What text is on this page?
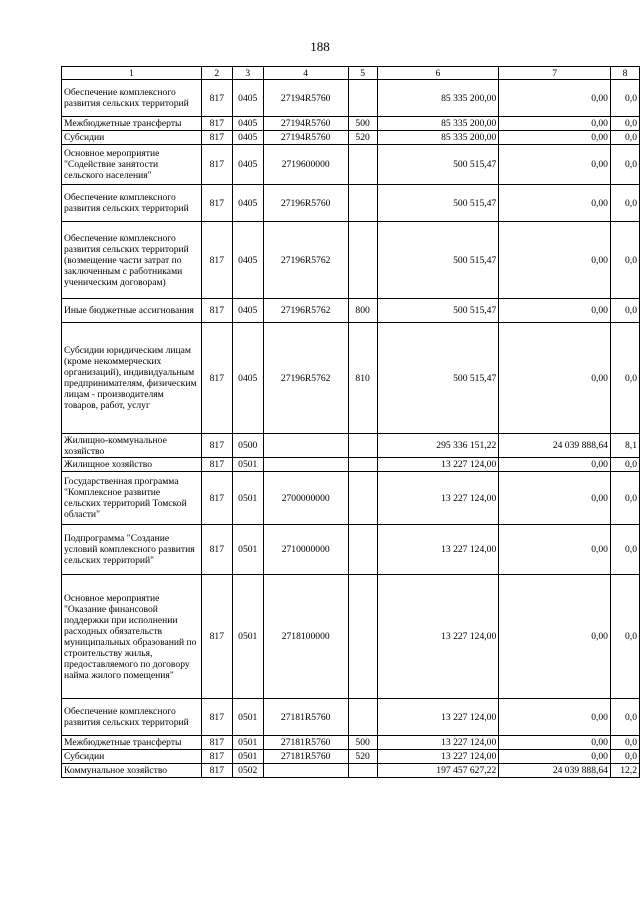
188
1	2	3	4	5	6	7	8
Обеспечение комплексного развития сельских территорий	817	0405	27194R5760		85 335 200,00	0,00	0,0
Межбюджетные трансферты	817	0405	27194R5760	500	85 335 200,00	0,00	0,0
Субсидии	817	0405	27194R5760	520	85 335 200,00	0,00	0,0
Основное мероприятие "Содействие занятости сельского населения"	817	0405	2719600000		500 515,47	0,00	0,0
Обеспечение комплексного развития сельских территорий	817	0405	27196R5760		500 515,47	0,00	0,0
Обеспечение комплексного развития сельских территорий (возмещение части затрат по заключенным с работниками ученическим договорам)	817	0405	27196R5762		500 515,47	0,00	0,0
Иные бюджетные ассигнования	817	0405	27196R5762	800	500 515,47	0,00	0,0
Субсидии юридическим лицам (кроме некоммерческих организаций), индивидуальным предпринимателям, физическим лицам - производителям товаров, работ, услуг	817	0405	27196R5762	810	500 515,47	0,00	0,0
Жилищно-коммунальное хозяйство	817	0500			295 336 151,22	24 039 888,64	8,1
Жилищное хозяйство	817	0501			13 227 124,00	0,00	0,0
Государственная программа "Комплексное развитие сельских территорий Томской области"	817	0501	2700000000		13 227 124,00	0,00	0,0
Подпрограмма "Создание условий комплексного развития сельских территорий"	817	0501	2710000000		13 227 124,00	0,00	0,0
Основное мероприятие "Оказание финансовой поддержки при исполнении расходных обязательств муниципальных образований по строительству жилья, предоставляемого по договору найма жилого помещения"	817	0501	2718100000		13 227 124,00	0,00	0,0
Обеспечение комплексного развития сельских территорий	817	0501	27181R5760		13 227 124,00	0,00	0,0
Межбюджетные трансферты	817	0501	27181R5760	500	13 227 124,00	0,00	0,0
Субсидии	817	0501	27181R5760	520	13 227 124,00	0,00	0,0
Коммунальное хозяйство	817	0502			197 457 627,22	24 039 888,64	12,2
